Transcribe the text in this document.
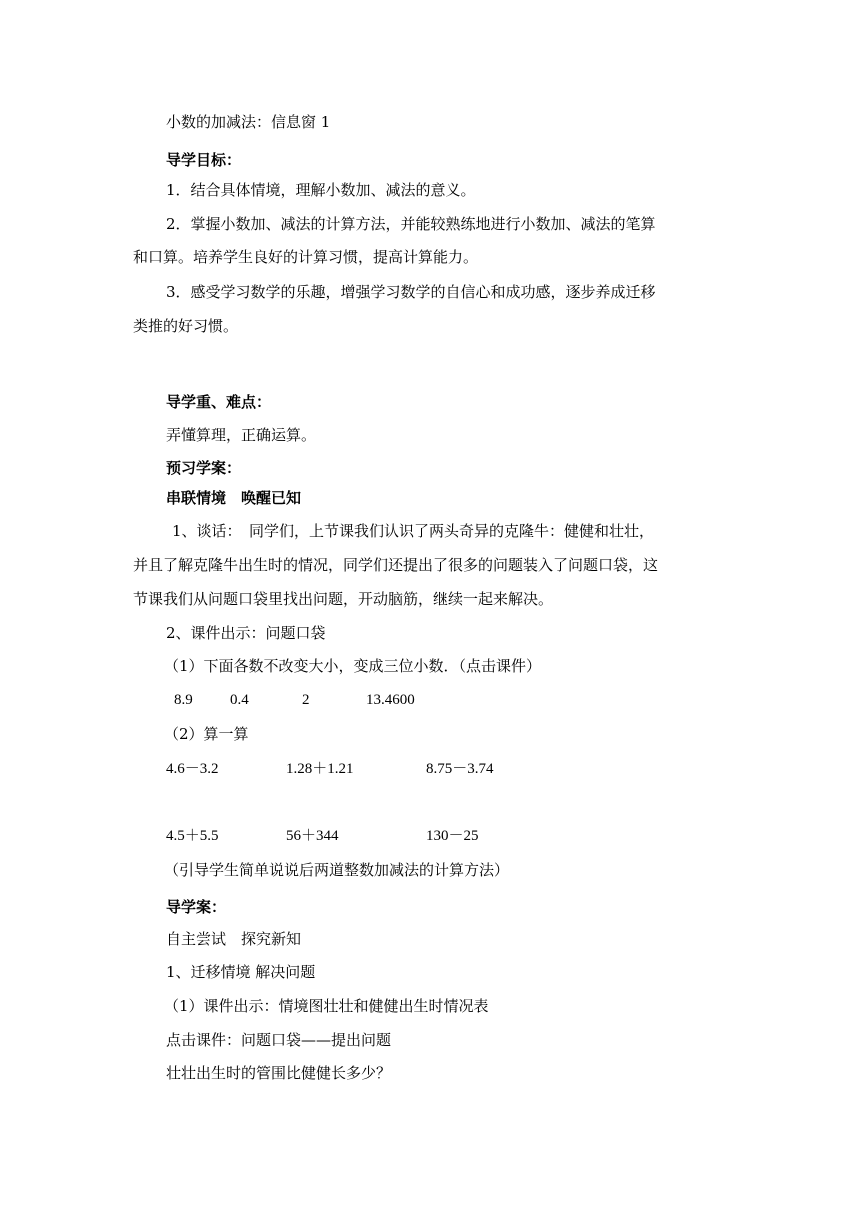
小数的加减法：信息窗 1
导学目标：
1．结合具体情境，理解小数加、减法的意义。
2．掌握小数加、减法的计算方法，并能较熟练地进行小数加、减法的笔算
和口算。培养学生良好的计算习惯，提高计算能力。
3．感受学习数学的乐趣，增强学习数学的自信心和成功感，逐步养成迁移
类推的好习惯。
导学重、难点：
弄懂算理，正确运算。
预习学案：
串联情境　唤醒已知
1、谈话：　同学们，上节课我们认识了两头奇异的克隆牛：健健和壮壮，
并且了解克隆牛出生时的情况，同学们还提出了很多的问题装入了问题口袋，这
节课我们从问题口袋里找出问题，开动脑筋，继续一起来解决。
2、课件出示：问题口袋
（1）下面各数不改变大小，变成三位小数．（点击课件）
8.9 0.4	2	13.4600
（2）算一算
4.6－3.2	1.28＋1.21	8.75－3.74
4.5＋5.5	56＋344	130－25
（引导学生简单说说后两道整数加减法的计算方法）
导学案：
自主尝试　探究新知
1、迁移情境 解决问题
（1）课件出示：情境图壮壮和健健出生时情况表
点击课件：问题口袋——提出问题
壮壮出生时的管围比健健长多少？
